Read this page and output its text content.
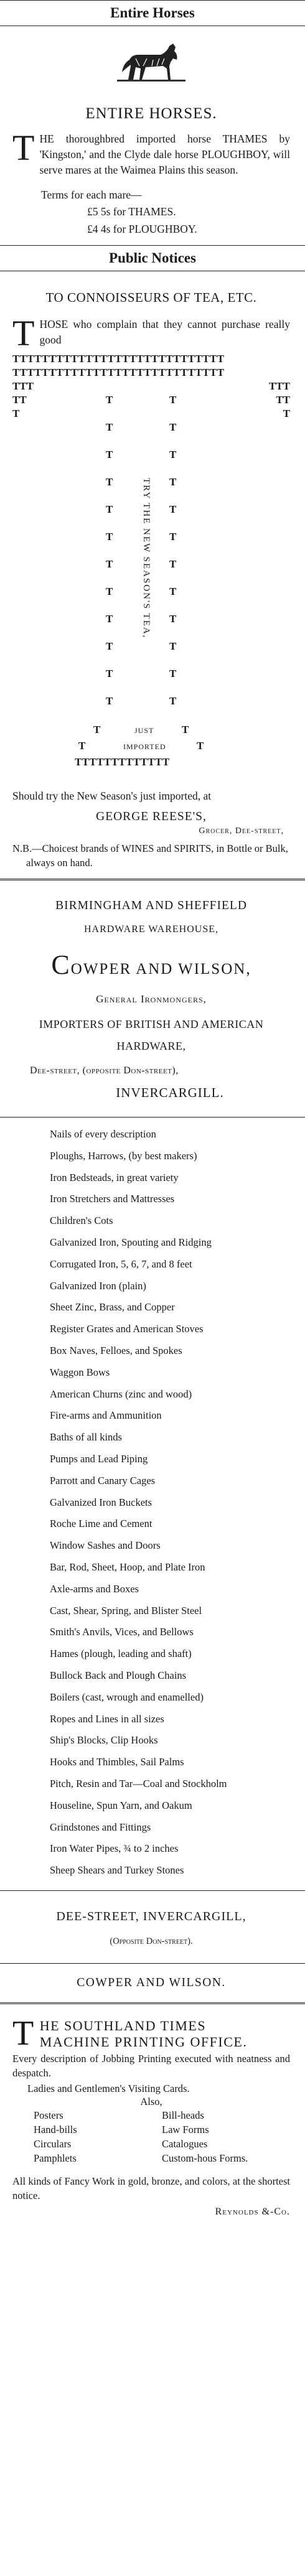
Entire Horses
ENTIRE HORSES.

THE thoroughbred imported horse THAMES by 'Kingston,' and the Clyde dale horse PLOUGHBOY, will serve mares at the Waimea Plains this season.

Terms for each mare—

£5 5s for THAMES.

£4 4s for PLOUGHBOY.

Public Notices
TO CONNOISSEURS OF TEA, ETC.

THOSE who complain that they cannot purchase really good

TTTTTTTTTTTTTTTTTTTTTTTTTTTTT
TTTTTTTTTTTTTTTTTTTTTTTTTTTTT
TTT	TTT
TT	TT
T	T
T	T
T	T
T	T
T	T
T	T
T	T
T	T
T	T
T	T
T	T
T	T
T	T
TRY THE NEW SEASON'S TEA,
T	JUST	T
T	IMPORTED	T
TTTTTTTTTTTTT

Should try the New Season's just imported, at

GEORGE REESE'S,
Grocer, Dee-street,

N.B.—Choicest brands of WINES and SPIRITS, in Bottle or Bulk, always on hand.

BIRMINGHAM AND SHEFFIELD
HARDWARE WAREHOUSE,
COWPER AND WILSON,
General Ironmongers,
IMPORTERS OF BRITISH AND AMERICAN
HARDWARE,
Dee-street, (opposite Don-street),
INVERCARGILL.
Nails of every description
Ploughs, Harrows, (by best makers)
Iron Bedsteads, in great variety
Iron Stretchers and Mattresses
Children's Cots
Galvanized Iron, Spouting and Ridging
Corrugated Iron, 5, 6, 7, and 8 feet
Galvanized Iron (plain)
Sheet Zinc, Brass, and Copper
Register Grates and American Stoves
Box Naves, Felloes, and Spokes
Waggon Bows
American Churns (zinc and wood)
Fire-arms and Ammunition
Baths of all kinds
Pumps and Lead Piping
Parrott and Canary Cages
Galvanized Iron Buckets
Roche Lime and Cement
Window Sashes and Doors
Bar, Rod, Sheet, Hoop, and Plate Iron
Axle-arms and Boxes
Cast, Shear, Spring, and Blister Steel
Smith's Anvils, Vices, and Bellows
Hames (plough, leading and shaft)
Bullock Back and Plough Chains
Boilers (cast, wrough and enamelled)
Ropes and Lines in all sizes
Ship's Blocks, Clip Hooks
Hooks and Thimbles, Sail Palms
Pitch, Resin and Tar—Coal and Stockholm
Houseline, Spun Yarn, and Oakum
Grindstones and Fittings
Iron Water Pipes, ¾ to 2 inches
Sheep Shears and Turkey Stones
DEE-STREET, INVERCARGILL,
(Opposite Don-street).
COWPER AND WILSON.
T HE SOUTHLAND TIMES
MACHINE PRINTING OFFICE.

Every description of Jobbing Printing executed with neatness and despatch.

Ladies and Gentlemen's Visiting Cards.

Also,

Posters	Bill-heads
Hand-bills	Law Forms
Circulars	Catalogues
Pamphlets	Custom-hous Forms.

All kinds of Fancy Work in gold, bronze, and colors, at the shortest notice.

Reynolds &-Co.
